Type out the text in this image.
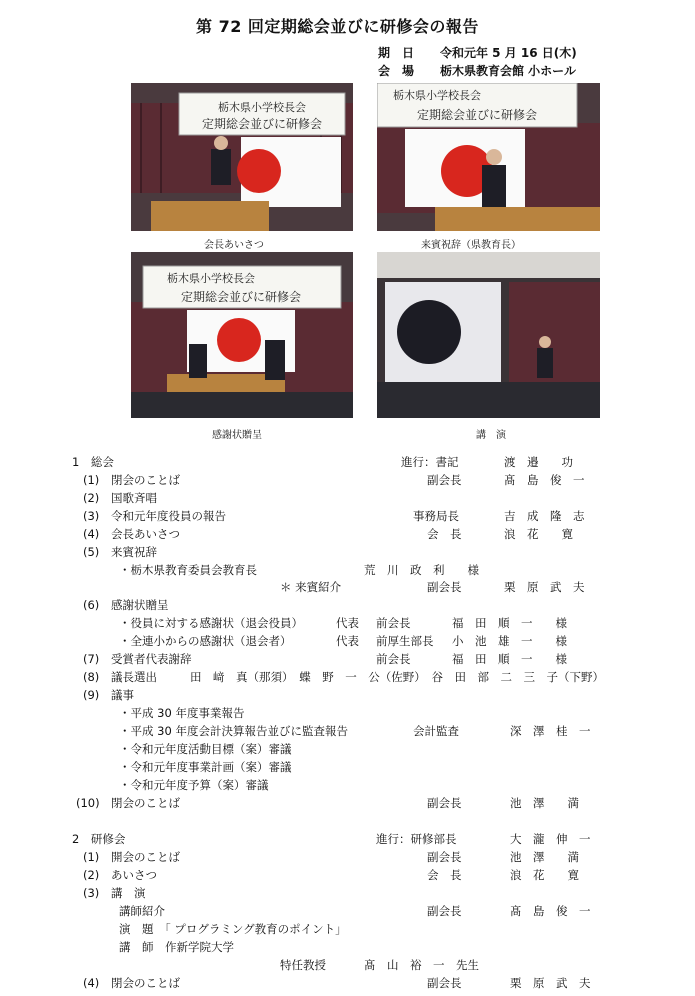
第 72 回定期総会並びに研修会の報告
期　日 令和元年 5 月 16 日(木)
会　場 栃木県教育会館 小ホール
栃木県小学校長会
定期総会並びに研修会
会長あいさつ
栃木県小学校長会
定期総会並びに研修会
来賓祝辞（県教育長）
栃木県小学校長会
定期総会並びに研修会
感謝状贈呈	講　演
1　総会	進行：書記	渡　邉　　功
(1) 閉会のことば	副会長	髙　島　俊　一
(2) 国歌斉唱
(3) 令和元年度役員の報告	事務局長	吉　成　隆　志
(4) 会長あいさつ	会　長	浪　花　　寛
(5) 来賓祝辞
・栃木県教育委員会教育長	荒　川　政　利　　様
＊ 来賓紹介	副会長	栗　原　武　夫
(6) 感謝状贈呈
・役員に対する感謝状（退会役員）	代表 前会長	福　田　順　一　　様
・全連小からの感謝状（退会者）	代表 前厚生部長 小　池　雄　一　　様
(7) 受賞者代表謝辞	前会長	福　田　順　一　　様
(8) 議長選出	田　﨑　真（那須）　蝶　野　一　公（佐野）　谷　田　部　二　三　子（下野）
(9) 議事
・平成 30 年度事業報告
・平成 30 年度会計決算報告並びに監査報告	会計監査	深　澤　桂　一
・令和元年度活動目標（案）審議
・令和元年度事業計画（案）審議
・令和元年度予算（案）審議
(10) 閉会のことば	副会長	池　澤　　満
2　研修会	進行：研修部長	大　瀧　伸　一
(1) 開会のことば	副会長	池　澤　　満
(2) あいさつ	会　長	浪　花　　寛
(3) 講　演
講師紹介	副会長	髙　島　俊　一
演　題　「 プログラミング教育のポイント」
講　師　作新学院大学
特任教授	髙　山　裕　一　先生
(4) 閉会のことば	副会長	栗　原　武　夫
